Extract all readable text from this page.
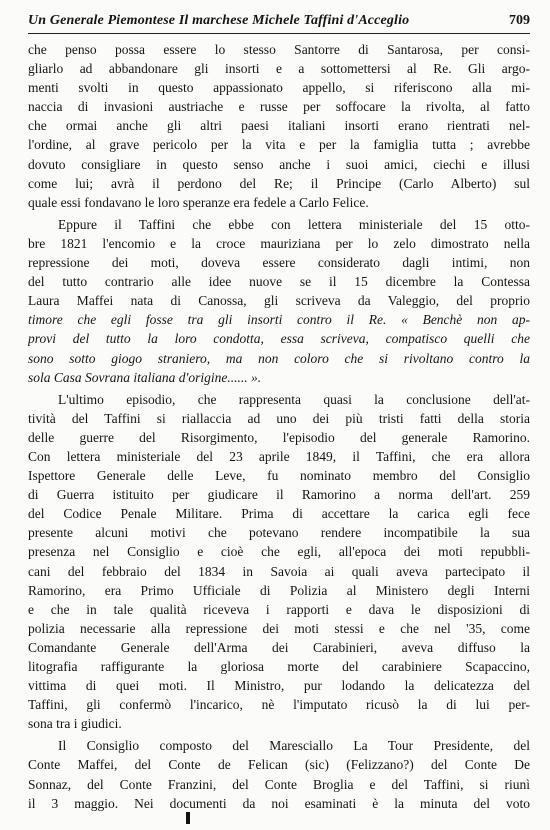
Un Generale Piemontese Il marchese Michele Taffini d'Acceglio	709
che penso possa essere lo stesso Santorre di Santarosa, per consi-
gliarlo ad abbandonare gli insorti e a sottomettersi al Re. Gli argo-
menti svolti in questo appassionato appello, si riferiscono alla mi-
naccia di invasioni austriache e russe per soffocare la rivolta, al fatto
che ormai anche gli altri paesi italiani insorti erano rientrati nel-
l'ordine, al grave pericolo per la vita e per la famiglia tutta ; avrebbe
dovuto consigliare in questo senso anche i suoi amici, ciechi e illusi
come lui; avrà il perdono del Re; il Principe (Carlo Alberto) sul
quale essi fondavano le loro speranze era fedele a Carlo Felice.
Eppure il Taffini che ebbe con lettera ministeriale del 15 otto-
bre 1821 l'encomio e la croce mauriziana per lo zelo dimostrato nella
repressione dei moti, doveva essere considerato dagli intimi, non
del tutto contrario alle idee nuove se il 15 dicembre la Contessa
Laura Maffei nata di Canossa, gli scriveva da Valeggio, del proprio
timore che egli fosse tra gli insorti contro il Re. « Benchè non ap-
provi del tutto la loro condotta, essa scriveva, compatisco quelli che
sono sotto giogo straniero, ma non coloro che si rivoltano contro la
sola Casa Sovrana italiana d'origine...... ».
L'ultimo episodio, che rappresenta quasi la conclusione dell'at-
tività del Taffini si riallaccia ad uno dei più tristi fatti della storia
delle guerre del Risorgimento, l'episodio del generale Ramorino.
Con lettera ministeriale del 23 aprile 1849, il Taffini, che era allora
Ispettore Generale delle Leve, fu nominato membro del Consiglio
di Guerra istituito per giudicare il Ramorino a norma dell'art. 259
del Codice Penale Militare. Prima di accettare la carica egli fece
presente alcuni motivi che potevano rendere incompatibile la sua
presenza nel Consiglio e cioè che egli, all'epoca dei moti repubbli-
cani del febbraio del 1834 in Savoia ai quali aveva partecipato il
Ramorino, era Primo Ufficiale di Polizia al Ministero degli Interni
e che in tale qualità riceveva i rapporti e dava le disposizioni di
polizia necessarie alla repressione dei moti stessi e che nel '35, come
Comandante Generale dell'Arma dei Carabinieri, aveva diffuso la
litografia raffigurante la gloriosa morte del carabiniere Scapaccino,
vittima di quei moti. Il Ministro, pur lodando la delicatezza del
Taffini, gli confermò l'incarico, nè l'imputato ricusò la di lui per-
sona tra i giudici.
Il Consiglio composto del Maresciallo La Tour Presidente, del
Conte Maffei, del Conte de Felican (sic) (Felizzano?) del Conte De
Sonnaz, del Conte Franzini, del Conte Broglia e del Taffini, si riunì
il 3 maggio. Nei documenti da noi esaminati è la minuta del voto
